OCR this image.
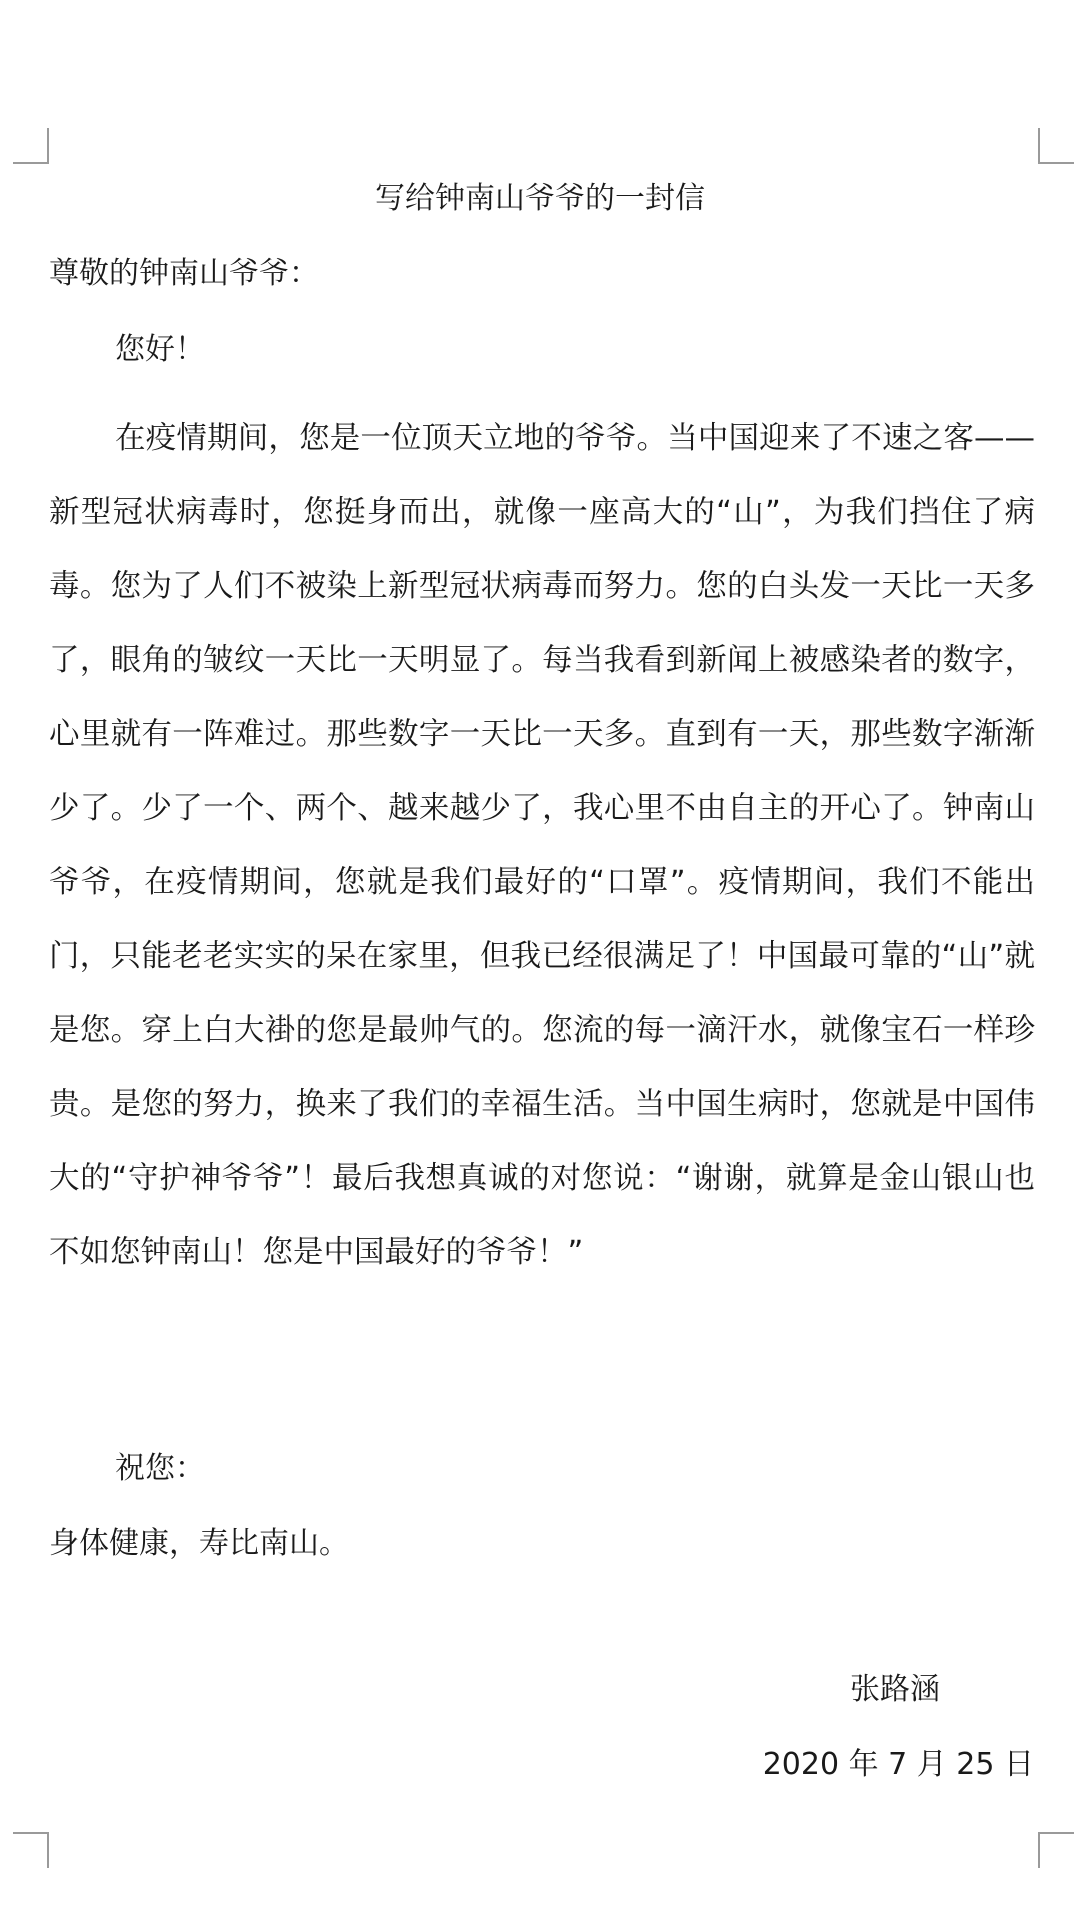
写给钟南山爷爷的一封信
尊敬的钟南山爷爷：
您好！

在疫情期间，您是一位顶天立地的爷爷。当中国迎来了不速之客——新型冠状病毒时，您挺身而出，就像一座高大的“山”，为我们挡住了病毒。您为了人们不被染上新型冠状病毒而努力。您的白头发一天比一天多了，眼角的皱纹一天比一天明显了。每当我看到新闻上被感染者的数字，心里就有一阵难过。那些数字一天比一天多。直到有一天，那些数字渐渐少了。少了一个、两个、越来越少了，我心里不由自主的开心了。钟南山爷爷，在疫情期间，您就是我们最好的“口罩”。疫情期间，我们不能出门，只能老老实实的呆在家里，但我已经很满足了！中国最可靠的“山”就是您。穿上白大褂的您是最帅气的。您流的每一滴汗水，就像宝石一样珍贵。是您的努力，换来了我们的幸福生活。当中国生病时，您就是中国伟大的“守护神爷爷”！最后我想真诚的对您说：“谢谢，就算是金山银山也不如您钟南山！您是中国最好的爷爷！”

祝您：
身体健康，寿比南山。
张路涵
2020 年 7 月 25 日
